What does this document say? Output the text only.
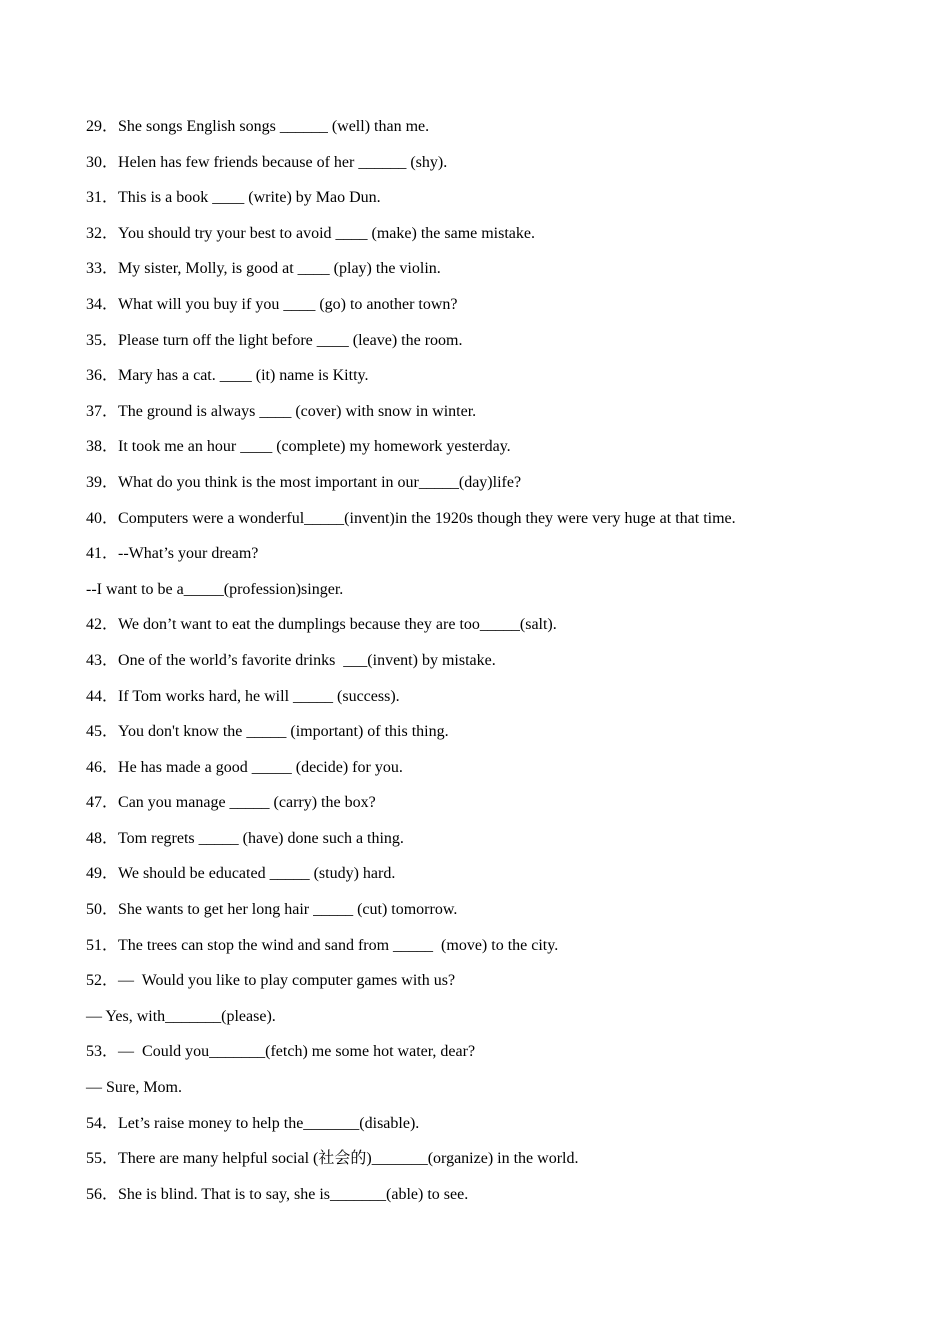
29．She songs English songs ______ (well) than me.
30．Helen has few friends because of her ______ (shy).
31．This is a book ____ (write) by Mao Dun.
32．You should try your best to avoid ____ (make) the same mistake.
33．My sister, Molly, is good at ____ (play) the violin.
34．What will you buy if you ____ (go) to another town?
35．Please turn off the light before ____ (leave) the room.
36．Mary has a cat. ____ (it) name is Kitty.
37．The ground is always ____ (cover) with snow in winter.
38．It took me an hour ____ (complete) my homework yesterday.
39．What do you think is the most important in our_____(day)life?
40．Computers were a wonderful_____(invent)in the 1920s though they were very huge at that time.
41．--What’s your dream?
--I want to be a_____(profession)singer.
42．We don’t want to eat the dumplings because they are too_____(salt).
43．One of the world’s favorite drinks  ___(invent) by mistake.
44．If Tom works hard, he will _____ (success).
45．You don't know the _____ (important) of this thing.
46．He has made a good _____ (decide) for you.
47．Can you manage _____ (carry) the box?
48．Tom regrets _____ (have) done such a thing.
49．We should be educated _____ (study) hard.
50．She wants to get her long hair _____ (cut) tomorrow.
51．The trees can stop the wind and sand from _____  (move) to the city.
52．—  Would you like to play computer games with us?
— Yes, with_______(please).
53．—  Could you_______(fetch) me some hot water, dear?
— Sure, Mom.
54．Let’s raise money to help the_______(disable).
55．There are many helpful social (社会的)_______(organize) in the world.
56．She is blind. That is to say, she is_______(able) to see.
